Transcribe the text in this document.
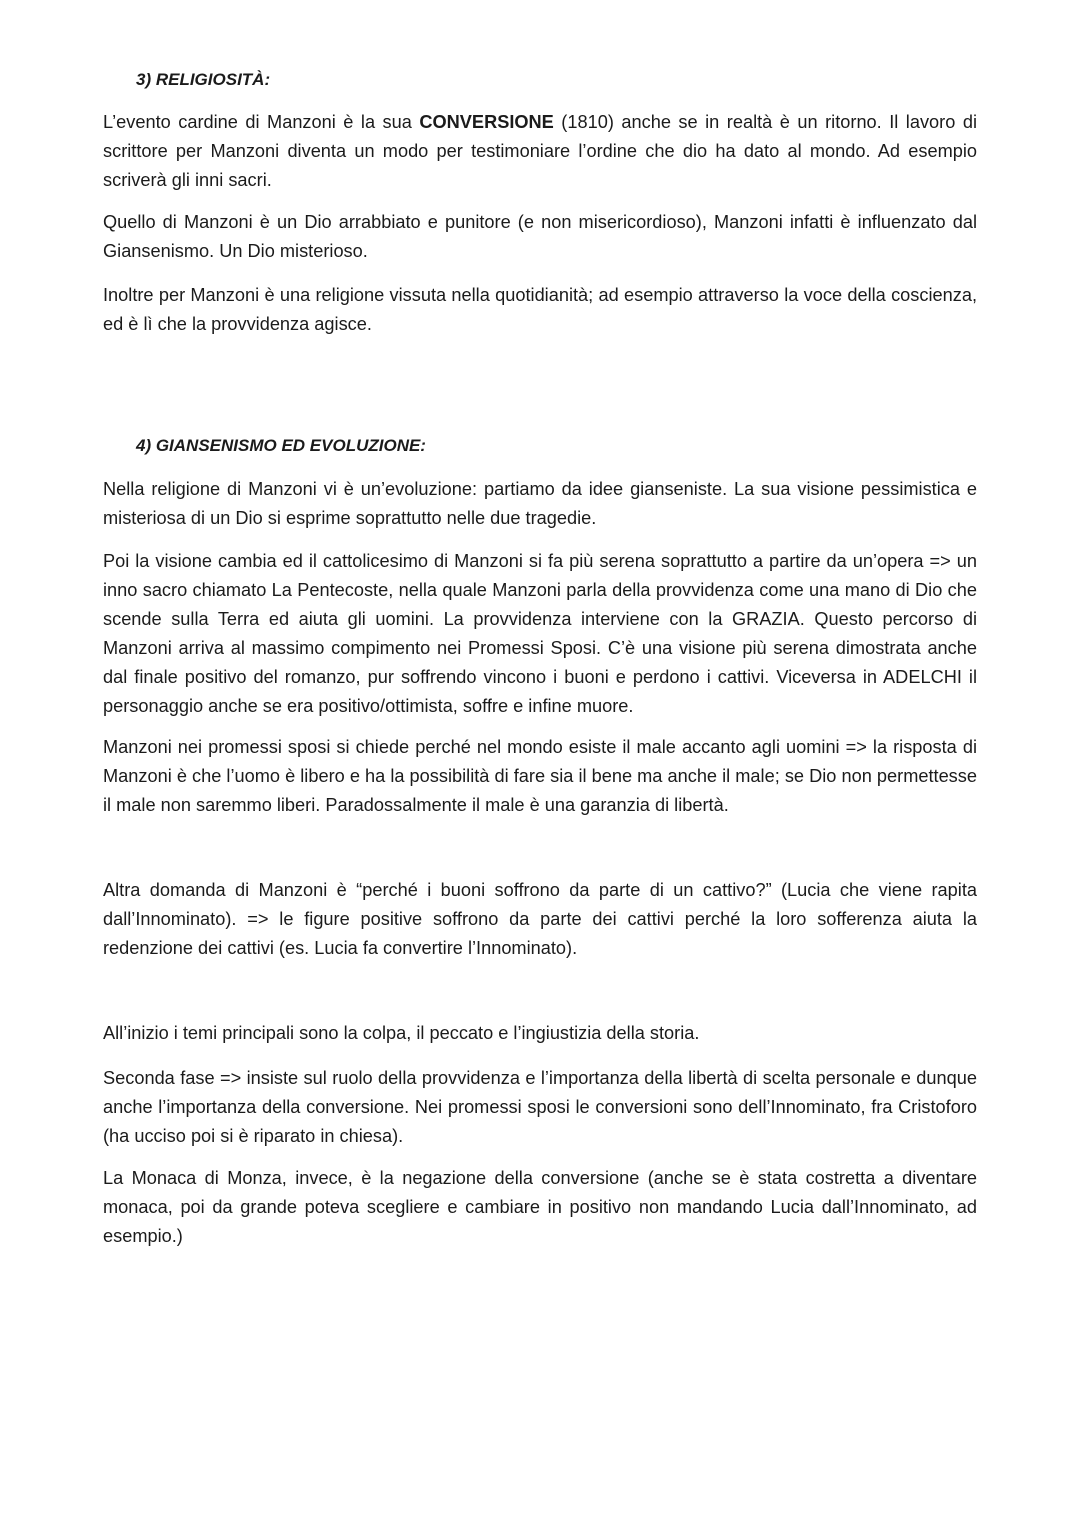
3) RELIGIOSITÀ:

L’evento cardine di Manzoni è la sua CONVERSIONE (1810) anche se in realtà è un ritorno. Il lavoro di scrittore per Manzoni diventa un modo per testimoniare l’ordine che dio ha dato al mondo. Ad esempio scriverà gli inni sacri.

Quello di Manzoni è un Dio arrabbiato e punitore (e non misericordioso), Manzoni infatti è influenzato dal Giansenismo. Un Dio misterioso.

Inoltre per Manzoni è una religione vissuta nella quotidianità; ad esempio attraverso la voce della coscienza, ed è lì che la provvidenza agisce.

4) GIANSENISMO ED EVOLUZIONE:

Nella religione di Manzoni vi è un’evoluzione: partiamo da idee gianseniste. La sua visione pessimistica e misteriosa di un Dio si esprime soprattutto nelle due tragedie.

Poi la visione cambia ed il cattolicesimo di Manzoni si fa più serena soprattutto a partire da un’opera => un inno sacro chiamato La Pentecoste, nella quale Manzoni parla della provvidenza come una mano di Dio che scende sulla Terra ed aiuta gli uomini. La provvidenza interviene con la GRAZIA. Questo percorso di Manzoni arriva al massimo compimento nei Promessi Sposi. C’è una visione più serena dimostrata anche dal finale positivo del romanzo, pur soffrendo vincono i buoni e perdono i cattivi. Viceversa in ADELCHI il personaggio anche se era positivo/ottimista, soffre e infine muore.

Manzoni nei promessi sposi si chiede perché nel mondo esiste il male accanto agli uomini => la risposta di Manzoni è che l’uomo è libero e ha la possibilità di fare sia il bene ma anche il male; se Dio non permettesse il male non saremmo liberi. Paradossalmente il male è una garanzia di libertà.

Altra domanda di Manzoni è “perché i buoni soffrono da parte di un cattivo?” (Lucia che viene rapita dall’Innominato). => le figure positive soffrono da parte dei cattivi perché la loro sofferenza aiuta la redenzione dei cattivi (es. Lucia fa convertire l’Innominato).

All’inizio i temi principali sono la colpa, il peccato e l’ingiustizia della storia.

Seconda fase => insiste sul ruolo della provvidenza e l’importanza della libertà di scelta personale e dunque anche l’importanza della conversione. Nei promessi sposi le conversioni sono dell’Innominato, fra Cristoforo (ha ucciso poi si è riparato in chiesa).

La Monaca di Monza, invece, è la negazione della conversione (anche se è stata costretta a diventare monaca, poi da grande poteva scegliere e cambiare in positivo non mandando Lucia dall’Innominato, ad esempio.)
